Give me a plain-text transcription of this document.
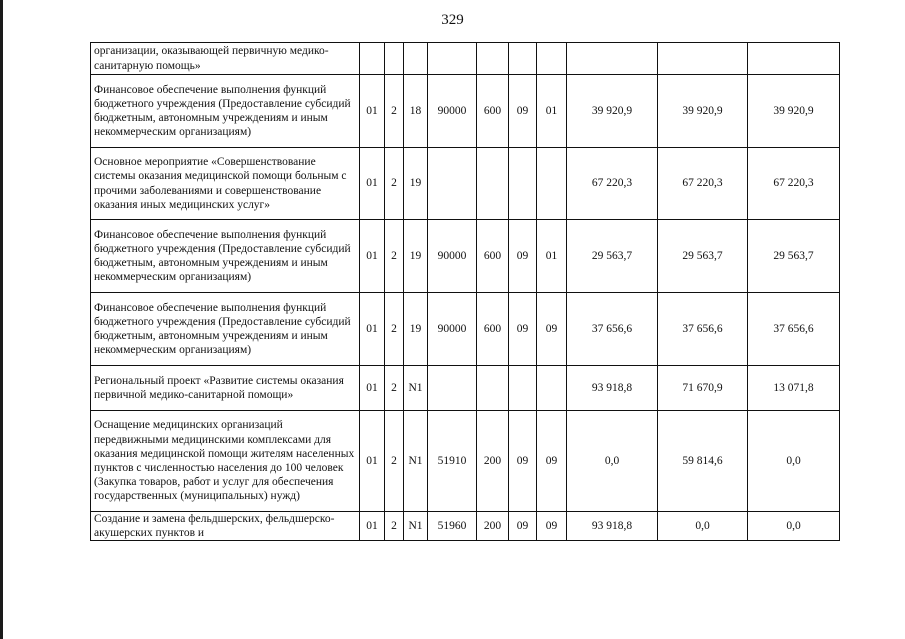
329
организации, оказывающей первичную медико-санитарную помощь»										
Финансовое обеспечение выполнения функций бюджетного учреждения (Предоставление субсидий бюджетным, автономным учреждениям и иным некоммерческим организациям)	01	2	18	90000	600	09	01	39 920,9	39 920,9	39 920,9
Основное мероприятие «Совершенствование системы оказания медицинской помощи больным с прочими заболеваниями и совершенствование оказания иных медицинских услуг»	01	2	19					67 220,3	67 220,3	67 220,3
Финансовое обеспечение выполнения функций бюджетного учреждения (Предоставление субсидий бюджетным, автономным учреждениям и иным некоммерческим организациям)	01	2	19	90000	600	09	01	29 563,7	29 563,7	29 563,7
Финансовое обеспечение выполнения функций бюджетного учреждения (Предоставление субсидий бюджетным, автономным учреждениям и иным некоммерческим организациям)	01	2	19	90000	600	09	09	37 656,6	37 656,6	37 656,6
Региональный проект «Развитие системы оказания первичной медико-санитарной помощи»	01	2	N1					93 918,8	71 670,9	13 071,8
Оснащение медицинских организаций передвижными медицинскими комплексами для оказания медицинской помощи жителям населенных пунктов с численностью населения до 100 человек (Закупка товаров, работ и услуг для обеспечения государственных (муниципальных) нужд)	01	2	N1	51910	200	09	09	0,0	59 814,6	0,0
Создание и замена фельдшерских, фельдшерско-акушерских пунктов и	01	2	N1	51960	200	09	09	93 918,8	0,0	0,0
